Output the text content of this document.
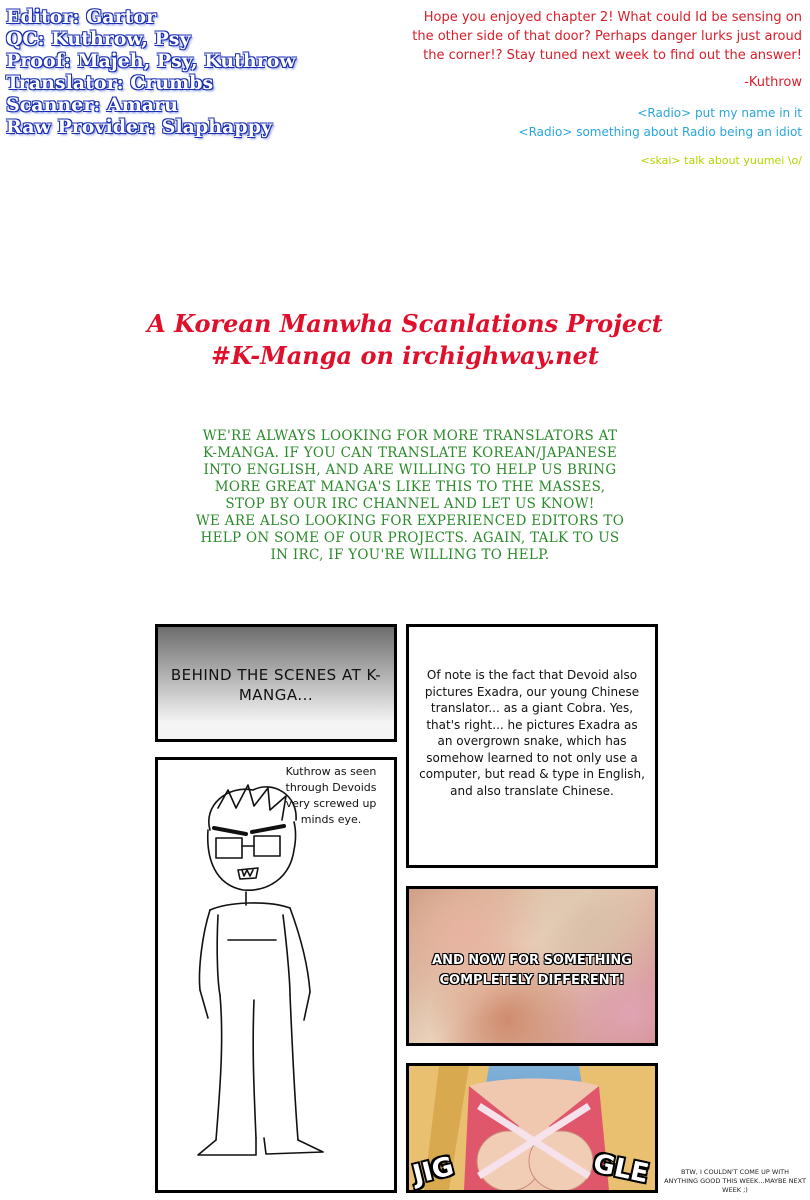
Editor: Gartor
QC: Kuthrow, Psy
Proof: Majeh, Psy, Kuthrow
Translator: Crumbs
Scanner: Amaru
Raw Provider: Slaphappy

Hope you enjoyed chapter 2! What could Id be sensing on the other side of that door? Perhaps danger lurks just aroud the corner!? Stay tuned next week to find out the answer!

-Kuthrow

<Radio> put my name in it

<Radio> something about Radio being an idiot

<skai> talk about yuumei \o/

A Korean Manwha Scanlations Project

#K-Manga on irchighway.net

WE'RE ALWAYS LOOKING FOR MORE TRANSLATORS AT K-MANGA. IF YOU CAN TRANSLATE KOREAN/JAPANESE INTO ENGLISH, AND ARE WILLING TO HELP US BRING MORE GREAT MANGA'S LIKE THIS TO THE MASSES, STOP BY OUR IRC CHANNEL AND LET US KNOW!

WE ARE ALSO LOOKING FOR EXPERIENCED EDITORS TO HELP ON SOME OF OUR PROJECTS. AGAIN, TALK TO US IN IRC, IF YOU'RE WILLING TO HELP.

BEHIND THE SCENES AT K-MANGA...
Kuthrow as seen through Devoids very screwed up minds eye.
Of note is the fact that Devoid also pictures Exadra, our young Chinese translator... as a giant Cobra. Yes, that's right... he pictures Exadra as an overgrown snake, which has somehow learned to not only use a computer, but read & type in English, and also translate Chinese.
AND NOW FOR SOMETHING COMPLETELY DIFFERENT!
JIG	GLE	BTW, I COULDN'T COME UP WITH ANYTHING GOOD THIS WEEK...MAYBE NEXT WEEK ;)
